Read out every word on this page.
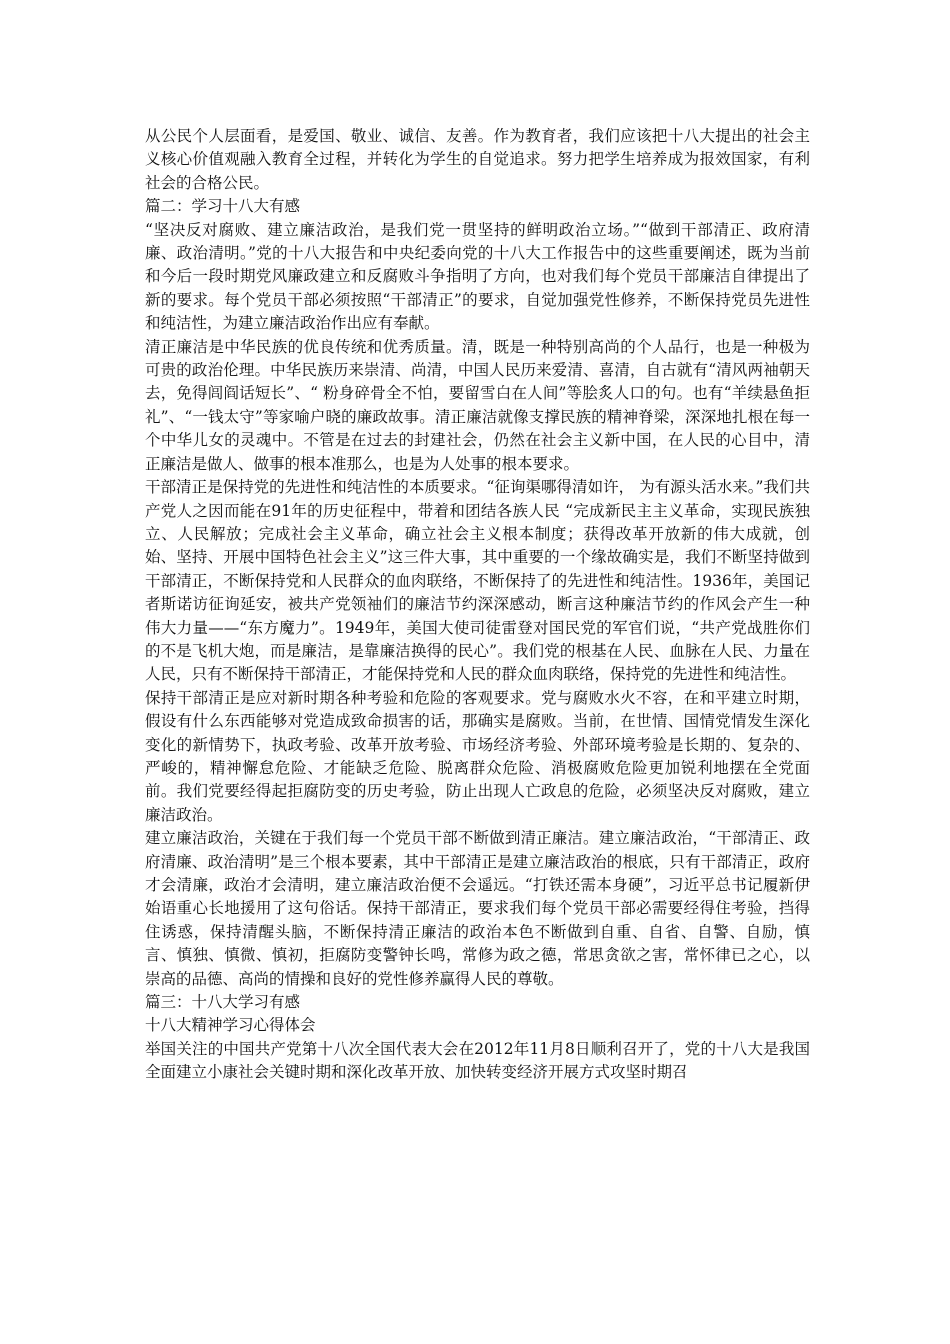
从公民个人层面看，是爱国、敬业、诚信、友善。作为教育者，我们应该把十八大提出的社会主义核心价值观融入教育全过程，并转化为学生的自觉追求。努力把学生培养成为报效国家，有利社会的合格公民。

篇二：学习十八大有感

“坚决反对腐败、建立廉洁政治，是我们党一贯坚持的鲜明政治立场。”“做到干部清正、政府清廉、政治清明。”党的十八大报告和中央纪委向党的十八大工作报告中的这些重要阐述，既为当前和今后一段时期党风廉政建立和反腐败斗争指明了方向，也对我们每个党员干部廉洁自律提出了新的要求。每个党员干部必须按照“干部清正”的要求，自觉加强党性修养，不断保持党员先进性和纯洁性，为建立廉洁政治作出应有奉献。

清正廉洁是中华民族的优良传统和优秀质量。清，既是一种特别高尚的个人品行，也是一种极为可贵的政治伦理。中华民族历来崇清、尚清，中国人民历来爱清、喜清，自古就有“清风两袖朝天去，免得闾阎话短长”、“ 粉身碎骨全不怕，要留雪白在人间”等脍炙人口的句。也有“羊续悬鱼拒礼”、“一钱太守”等家喻户晓的廉政故事。清正廉洁就像支撑民族的精神脊梁，深深地扎根在每一个中华儿女的灵魂中。不管是在过去的封建社会，仍然在社会主义新中国，在人民的心目中，清正廉洁是做人、做事的根本准那么，也是为人处事的根本要求。

干部清正是保持党的先进性和纯洁性的本质要求。“征询渠哪得清如许， 为有源头活水来。”我们共产党人之因而能在91年的历史征程中，带着和团结各族人民 “完成新民主主义革命，实现民族独立、人民解放；完成社会主义革命，确立社会主义根本制度；获得改革开放新的伟大成就，创始、坚持、开展中国特色社会主义”这三件大事，其中重要的一个缘故确实是，我们不断坚持做到干部清正，不断保持党和人民群众的血肉联络，不断保持了的先进性和纯洁性。1936年，美国记者斯诺访征询延安，被共产党领袖们的廉洁节约深深感动，断言这种廉洁节约的作风会产生一种伟大力量——“东方魔力”。1949年，美国大使司徒雷登对国民党的军官们说，“共产党战胜你们的不是飞机大炮，而是廉洁，是靠廉洁换得的民心”。我们党的根基在人民、血脉在人民、力量在人民，只有不断保持干部清正，才能保持党和人民的群众血肉联络，保持党的先进性和纯洁性。

保持干部清正是应对新时期各种考验和危险的客观要求。党与腐败水火不容，在和平建立时期，假设有什么东西能够对党造成致命损害的话，那确实是腐败。当前，在世情、国情党情发生深化变化的新情势下，执政考验、改革开放考验、市场经济考验、外部环境考验是长期的、复杂的、严峻的，精神懈怠危险、才能缺乏危险、脱离群众危险、消极腐败危险更加锐利地摆在全党面前。我们党要经得起拒腐防变的历史考验，防止出现人亡政息的危险，必须坚决反对腐败，建立廉洁政治。

建立廉洁政治，关键在于我们每一个党员干部不断做到清正廉洁。建立廉洁政治，“干部清正、政府清廉、政治清明”是三个根本要素，其中干部清正是建立廉洁政治的根底，只有干部清正，政府才会清廉，政治才会清明，建立廉洁政治便不会遥远。“打铁还需本身硬”，习近平总书记履新伊始语重心长地援用了这句俗话。保持干部清正，要求我们每个党员干部必需要经得住考验，挡得住诱惑，保持清醒头脑，不断保持清正廉洁的政治本色不断做到自重、自省、自警、自励，慎言、慎独、慎微、慎初，拒腐防变警钟长鸣，常修为政之德，常思贪欲之害，常怀律已之心，以崇高的品德、高尚的情操和良好的党性修养赢得人民的尊敬。

篇三：十八大学习有感

十八大精神学习心得体会

举国关注的中国共产党第十八次全国代表大会在2012年11月8日顺利召开了，党的十八大是我国全面建立小康社会关键时期和深化改革开放、加快转变经济开展方式攻坚时期召
